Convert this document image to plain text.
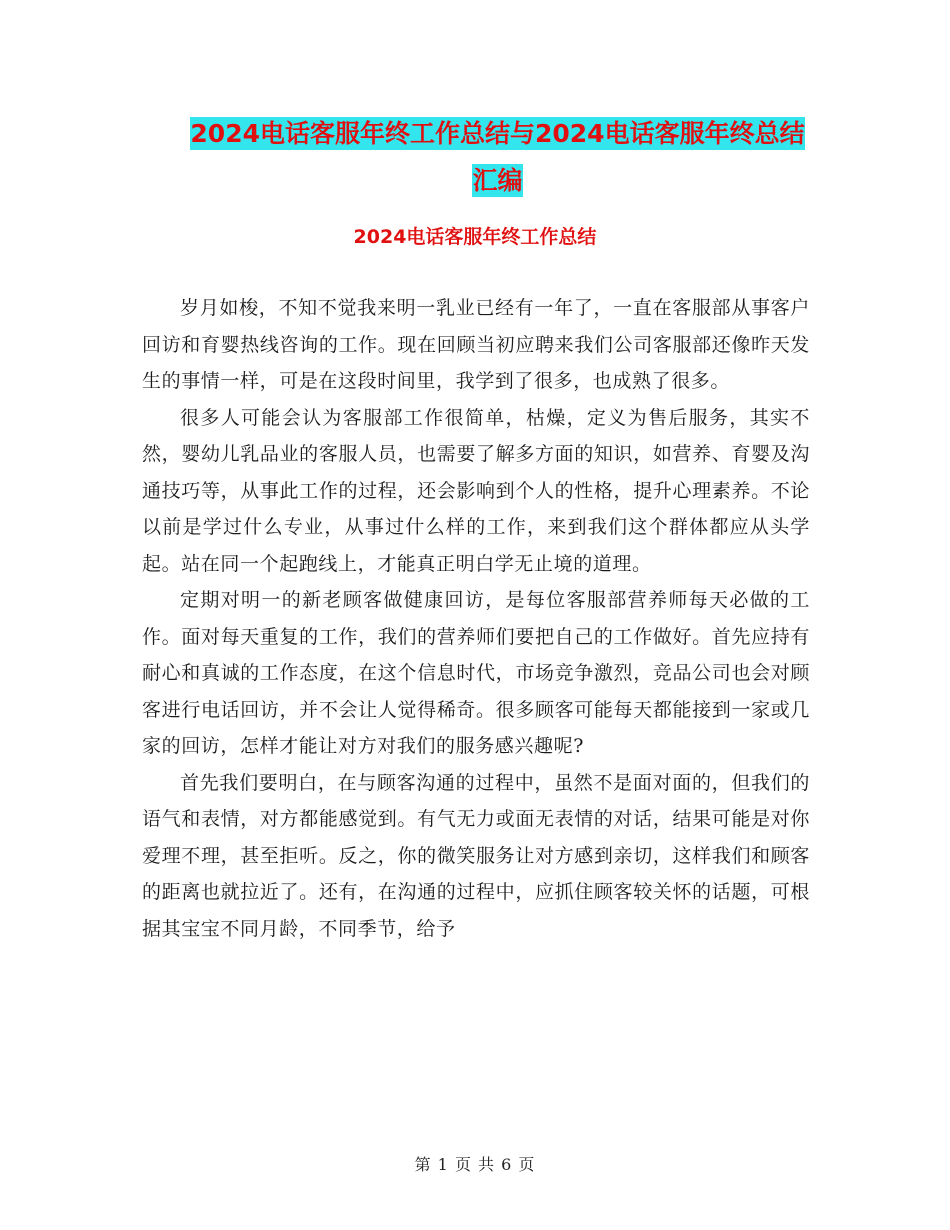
2024电话客服年终工作总结与2024电话客服年终总结
汇编
2024电话客服年终工作总结

岁月如梭，不知不觉我来明一乳业已经有一年了，一直在客服部从事客户回访和育婴热线咨询的工作。现在回顾当初应聘来我们公司客服部还像昨天发生的事情一样，可是在这段时间里，我学到了很多，也成熟了很多。

很多人可能会认为客服部工作很简单，枯燥，定义为售后服务，其实不然，婴幼儿乳品业的客服人员，也需要了解多方面的知识，如营养、育婴及沟通技巧等，从事此工作的过程，还会影响到个人的性格，提升心理素养。不论以前是学过什么专业，从事过什么样的工作，来到我们这个群体都应从头学起。站在同一个起跑线上，才能真正明白学无止境的道理。

定期对明一的新老顾客做健康回访，是每位客服部营养师每天必做的工作。面对每天重复的工作，我们的营养师们要把自己的工作做好。首先应持有耐心和真诚的工作态度，在这个信息时代，市场竞争激烈，竞品公司也会对顾客进行电话回访，并不会让人觉得稀奇。很多顾客可能每天都能接到一家或几家的回访，怎样才能让对方对我们的服务感兴趣呢?

首先我们要明白，在与顾客沟通的过程中，虽然不是面对面的，但我们的语气和表情，对方都能感觉到。有气无力或面无表情的对话，结果可能是对你爱理不理，甚至拒听。反之，你的微笑服务让对方感到亲切，这样我们和顾客的距离也就拉近了。还有，在沟通的过程中，应抓住顾客较关怀的话题，可根据其宝宝不同月龄，不同季节，给予

第 1 页 共 6 页
